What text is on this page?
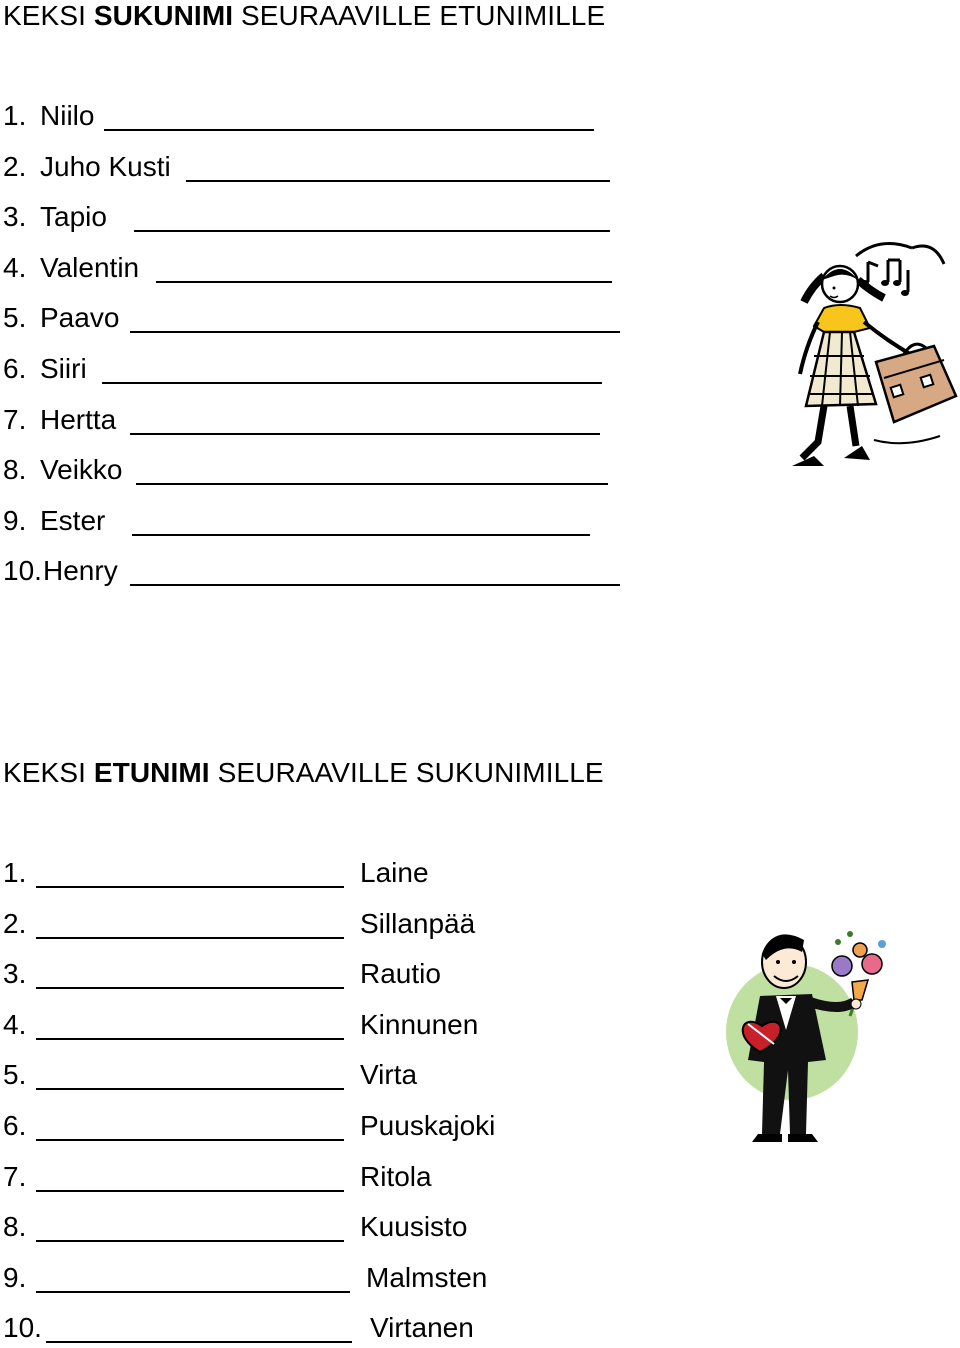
KEKSI SUKUNIMI SEURAAVILLE ETUNIMILLE
1. Niilo
2. Juho Kusti
3. Tapio
4. Valentin
5. Paavo
6. Siiri
7. Hertta
8. Veikko
9. Ester
10. Henry
KEKSI ETUNIMI SEURAAVILLE SUKUNIMILLE
1.	Laine
2.	Sillanpää
3.	Rautio
4.	Kinnunen
5.	Virta
6.	Puuskajoki
7.	Ritola
8.	Kuusisto
9.	Malmsten
10.	Virtanen
